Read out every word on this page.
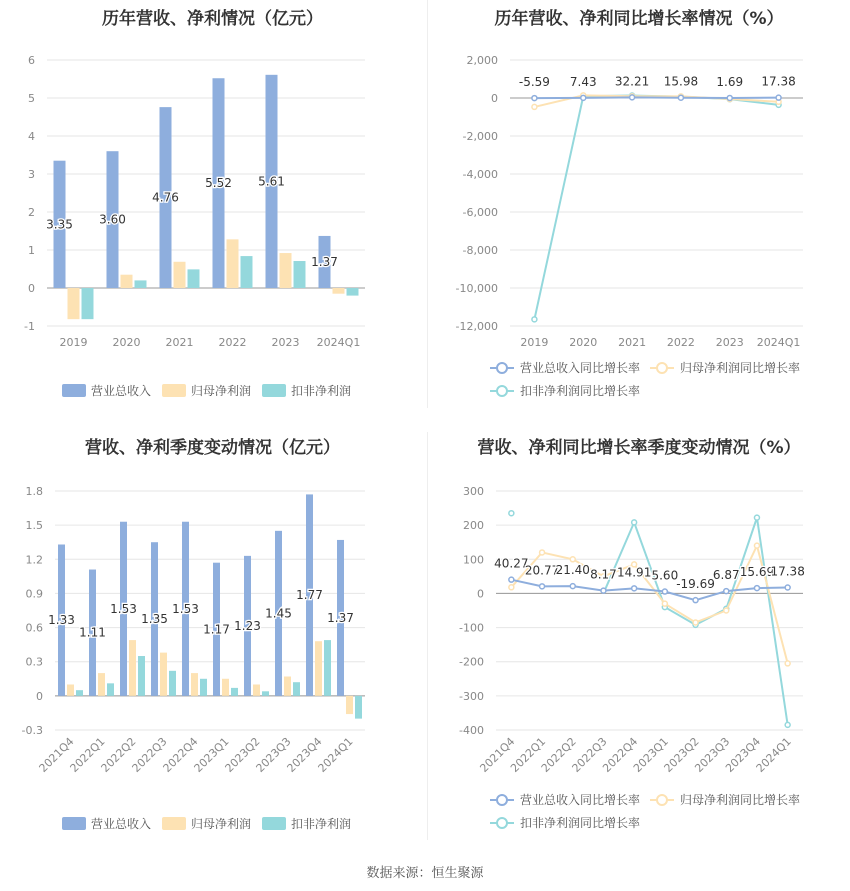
历年营收、净利情况（亿元）
-1
0
1
2
3
4
5
6
2019 2020 2021 2022 2023 2024Q1
3.35 3.60
4.76
5.52 5.61
1.37
营业总收入	归母净利润	扣非净利润
历年营收、净利同比增长率情况（%）
-12,000
-10,000
-8,000
-6,000
-4,000
-2,000
0
2,000
2019 2020 2021 2022 2023 2024Q1
-5.59 7.43 32.21 15.98 1.69 17.38
营业总收入同比增长率	归母净利润同比增长率
扣非净利润同比增长率
营收、净利季度变动情况（亿元）
-0.3
0
0.3
0.6
0.9
1.2
1.5
1.8
2021Q4
2022Q1
2022Q2
2022Q3
2022Q4
2023Q1
2023Q2
2023Q3
2023Q4
2024Q1
1.33
1.11
1.53
1.35
1.53
1.17 1.23
1.45
1.77
1.37
营业总收入	归母净利润	扣非净利润
营收、净利同比增长率季度变动情况（%）
-400
-300
-200
-100
0
100
200
300
2021Q4
2022Q1
2022Q2
2022Q3
2022Q4
2023Q1
2023Q2
2023Q3
2023Q4
2024Q1
40.27
20.77
21.40 8.17 14.91 5.60
-19.69
6.87 15.69
17.38
营业总收入同比增长率	归母净利润同比增长率
扣非净利润同比增长率
数据来源：恒生聚源
